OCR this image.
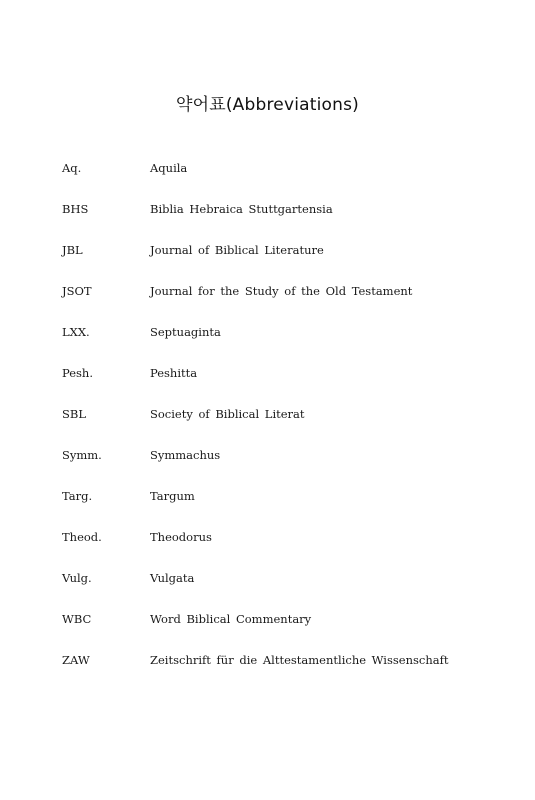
약어표(Abbreviations)
Aq.	Aquila
BHS	Biblia Hebraica Stuttgartensia
JBL	Journal of Biblical Literature
JSOT	Journal for the Study of the Old Testament
LXX.	Septuaginta
Pesh.	Peshitta
SBL	Society of Biblical Literat
Symm.	Symmachus
Targ.	Targum
Theod.	Theodorus
Vulg.	Vulgata
WBC	Word Biblical Commentary
ZAW	Zeitschrift für die Alttestamentliche Wissenschaft
